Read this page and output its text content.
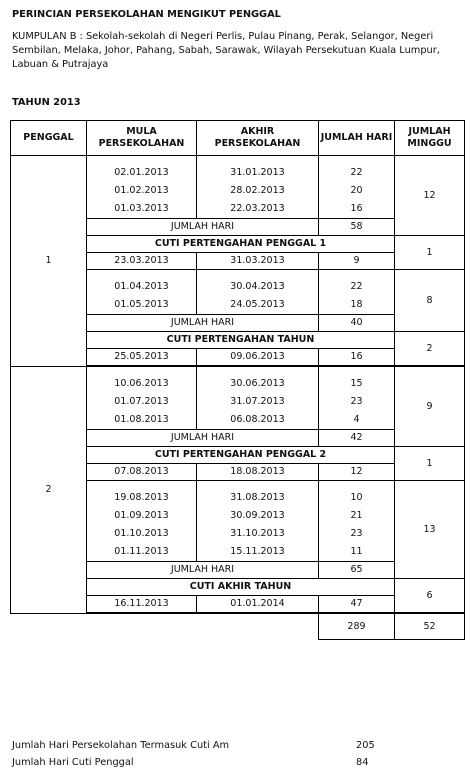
PERINCIAN PERSEKOLAHAN MENGIKUT PENGGAL
KUMPULAN B : Sekolah-sekolah di Negeri Perlis, Pulau Pinang, Perak, Selangor, Negeri Sembilan, Melaka, Johor, Pahang, Sabah, Sarawak, Wilayah Persekutuan Kuala Lumpur, Labuan & Putrajaya
TAHUN 2013
PENGGAL	MULA PERSEKOLAHAN	AKHIR PERSEKOLAHAN	JUMLAH HARI	JUMLAH MINGGU
1				12
	02.01.2013	31.01.2013	22	
	01.02.2013	28.02.2013	20	
	01.03.2013	22.03.2013	16	
	JUMLAH HARI		58	
	CUTI PERTENGAHAN PENGGAL 1			1
	23.03.2013	31.03.2013	9	
				8
	01.04.2013	30.04.2013	22	
	01.05.2013	24.05.2013	18	
	JUMLAH HARI		40	
	CUTI PERTENGAHAN TAHUN			2
	25.05.2013	09.06.2013	16	

2				9
	10.06.2013	30.06.2013	15	
	01.07.2013	31.07.2013	23	
	01.08.2013	06.08.2013	4	
	JUMLAH HARI		42	
	CUTI PERTENGAHAN PENGGAL 2			1
	07.08.2013	18.08.2013	12	
				13
	19.08.2013	31.08.2013	10	
	01.09.2013	30.09.2013	21	
	01.10.2013	31.10.2013	23	
	01.11.2013	15.11.2013	11	
	JUMLAH HARI		65	
	CUTI AKHIR TAHUN			6
	16.11.2013	01.01.2014	47	

			289	52
Jumlah Hari Persekolahan Termasuk Cuti Am	205
Jumlah Hari Cuti Penggal	84
